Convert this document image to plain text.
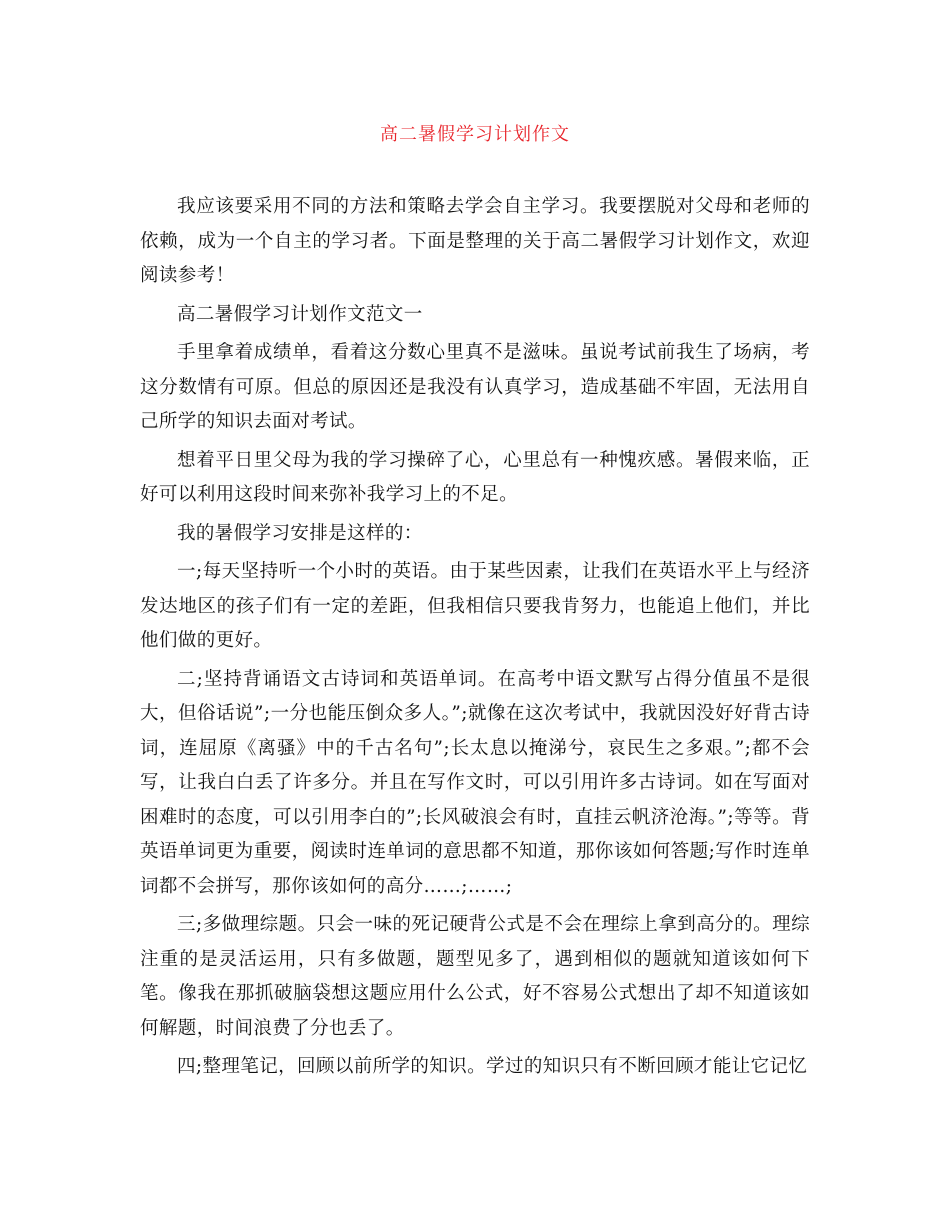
高二暑假学习计划作文

我应该要采用不同的方法和策略去学会自主学习。我要摆脱对父母和老师的依赖，成为一个自主的学习者。下面是整理的关于高二暑假学习计划作文，欢迎阅读参考！

高二暑假学习计划作文范文一

手里拿着成绩单，看着这分数心里真不是滋味。虽说考试前我生了场病，考这分数情有可原。但总的原因还是我没有认真学习，造成基础不牢固，无法用自己所学的知识去面对考试。

想着平日里父母为我的学习操碎了心，心里总有一种愧疚感。暑假来临，正好可以利用这段时间来弥补我学习上的不足。

我的暑假学习安排是这样的：

一;每天坚持听一个小时的英语。由于某些因素，让我们在英语水平上与经济发达地区的孩子们有一定的差距，但我相信只要我肯努力，也能追上他们，并比他们做的更好。

二;坚持背诵语文古诗词和英语单词。在高考中语文默写占得分值虽不是很大，但俗话说”;一分也能压倒众多人。”;就像在这次考试中，我就因没好好背古诗词，连屈原《离骚》中的千古名句”;长太息以掩涕兮，哀民生之多艰。”;都不会写，让我白白丢了许多分。并且在写作文时，可以引用许多古诗词。如在写面对困难时的态度，可以引用李白的”;长风破浪会有时，直挂云帆济沧海。”;等等。背英语单词更为重要，阅读时连单词的意思都不知道，那你该如何答题;写作时连单词都不会拼写，那你该如何的高分……;……;

三;多做理综题。只会一味的死记硬背公式是不会在理综上拿到高分的。理综注重的是灵活运用，只有多做题，题型见多了，遇到相似的题就知道该如何下笔。像我在那抓破脑袋想这题应用什么公式，好不容易公式想出了却不知道该如何解题，时间浪费了分也丢了。

四;整理笔记，回顾以前所学的知识。学过的知识只有不断回顾才能让它记忆
